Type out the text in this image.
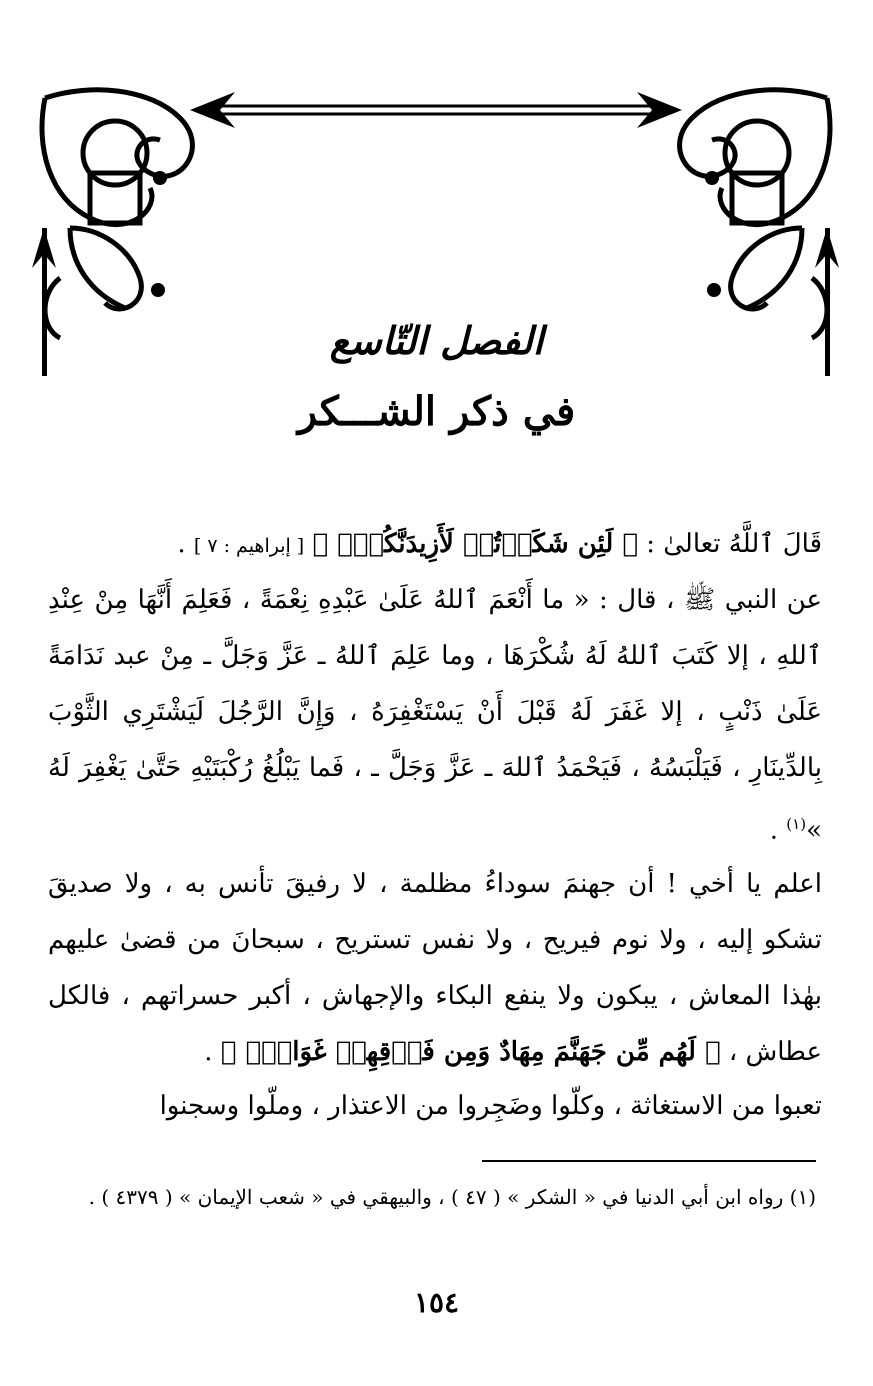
الفصل التّاسع
في ذكر الشـــكر
قَالَ ٱللَّهُ تعالىٰ : ﴿ لَئِن شَكَرۡتُمۡ لَأَزِيدَنَّكُمۡۖ ﴾ [ إبراهيم : ٧ ] .
عن النبي ﷺ ، قال : « ما أَنْعَمَ ٱللهُ عَلَىٰ عَبْدِهِ نِعْمَةً ، فَعَلِمَ أَنَّهَا مِنْ عِنْدِ ٱللهِ ، إلا كَتَبَ ٱللهُ لَهُ شُكْرَهَا ، وما عَلِمَ ٱللهُ ـ عَزَّ وَجَلَّ ـ مِنْ عبد نَدَامَةً عَلَىٰ ذَنْبٍ ، إلا غَفَرَ لَهُ قَبْلَ أَنْ يَسْتَغْفِرَهُ ، وَإِنَّ الرَّجُلَ لَيَشْتَرِي الثَّوْبَ بِالدِّينَارِ ، فَيَلْبَسُهُ ، فَيَحْمَدُ ٱللهَ ـ عَزَّ وَجَلَّ ـ ، فَما يَبْلُغُ رُكْبَتَيْهِ حَتَّىٰ يَغْفِرَ لَهُ »$^{(١)}$ .
اعلم يا أخي ! أن جهنمَ سوداءُ مظلمة ، لا رفيقَ تأنس به ، ولا صديقَ تشكو إليه ، ولا نوم فيريح ، ولا نفس تستريح ، سبحانَ من قضىٰ عليهم بهٰذا المعاش ، يبكون ولا ينفع البكاء والإجهاش ، أكبر حسراتهم ، فالكل عطاش ، ﴿ لَهُم مِّن جَهَنَّمَ مِهَادٌ وَمِن فَوۡقِهِمۡ غَوَاشٖۚ ﴾ .
تعبوا من الاستغاثة ، وكلّوا وضَجِروا من الاعتذار ، وملّوا وسجنوا
(١) رواه ابن أبي الدنيا في « الشكر » ( ٤٧ ) ، والبيهقي في « شعب الإيمان » ( ٤٣٧٩ ) .
١٥٤
